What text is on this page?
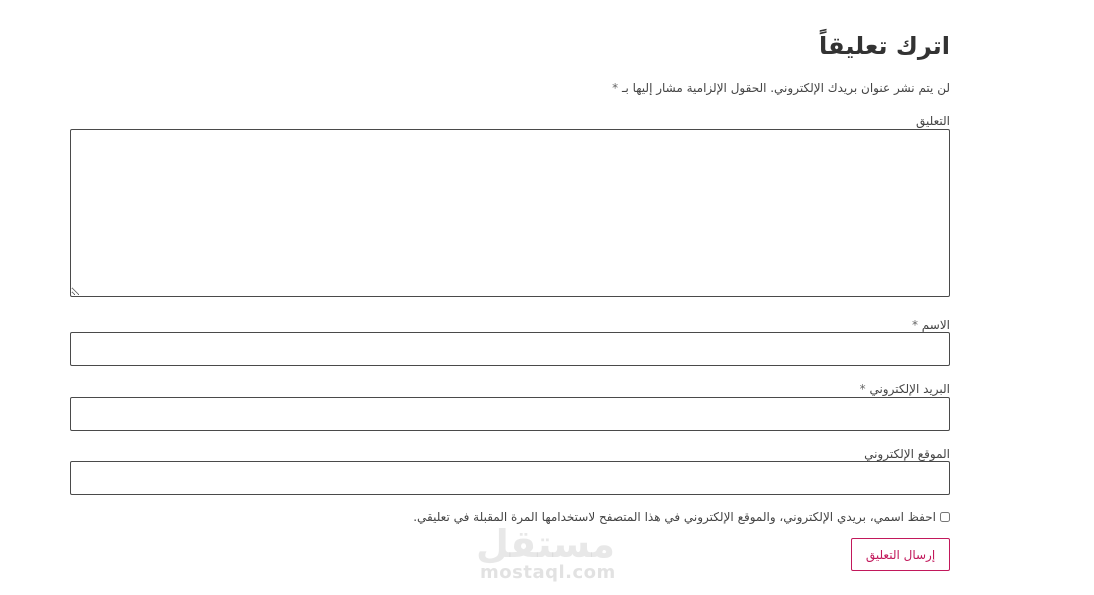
اترك تعليقاً
لن يتم نشر عنوان بريدك الإلكتروني. الحقول الإلزامية مشار إليها بـ *
التعليق
الاسم *
البريد الإلكتروني *
الموقع الإلكتروني
احفظ اسمي، بريدي الإلكتروني، والموقع الإلكتروني في هذا المتصفح لاستخدامها المرة المقبلة في تعليقي.
إرسال التعليق
مستقل
mostaql.com
